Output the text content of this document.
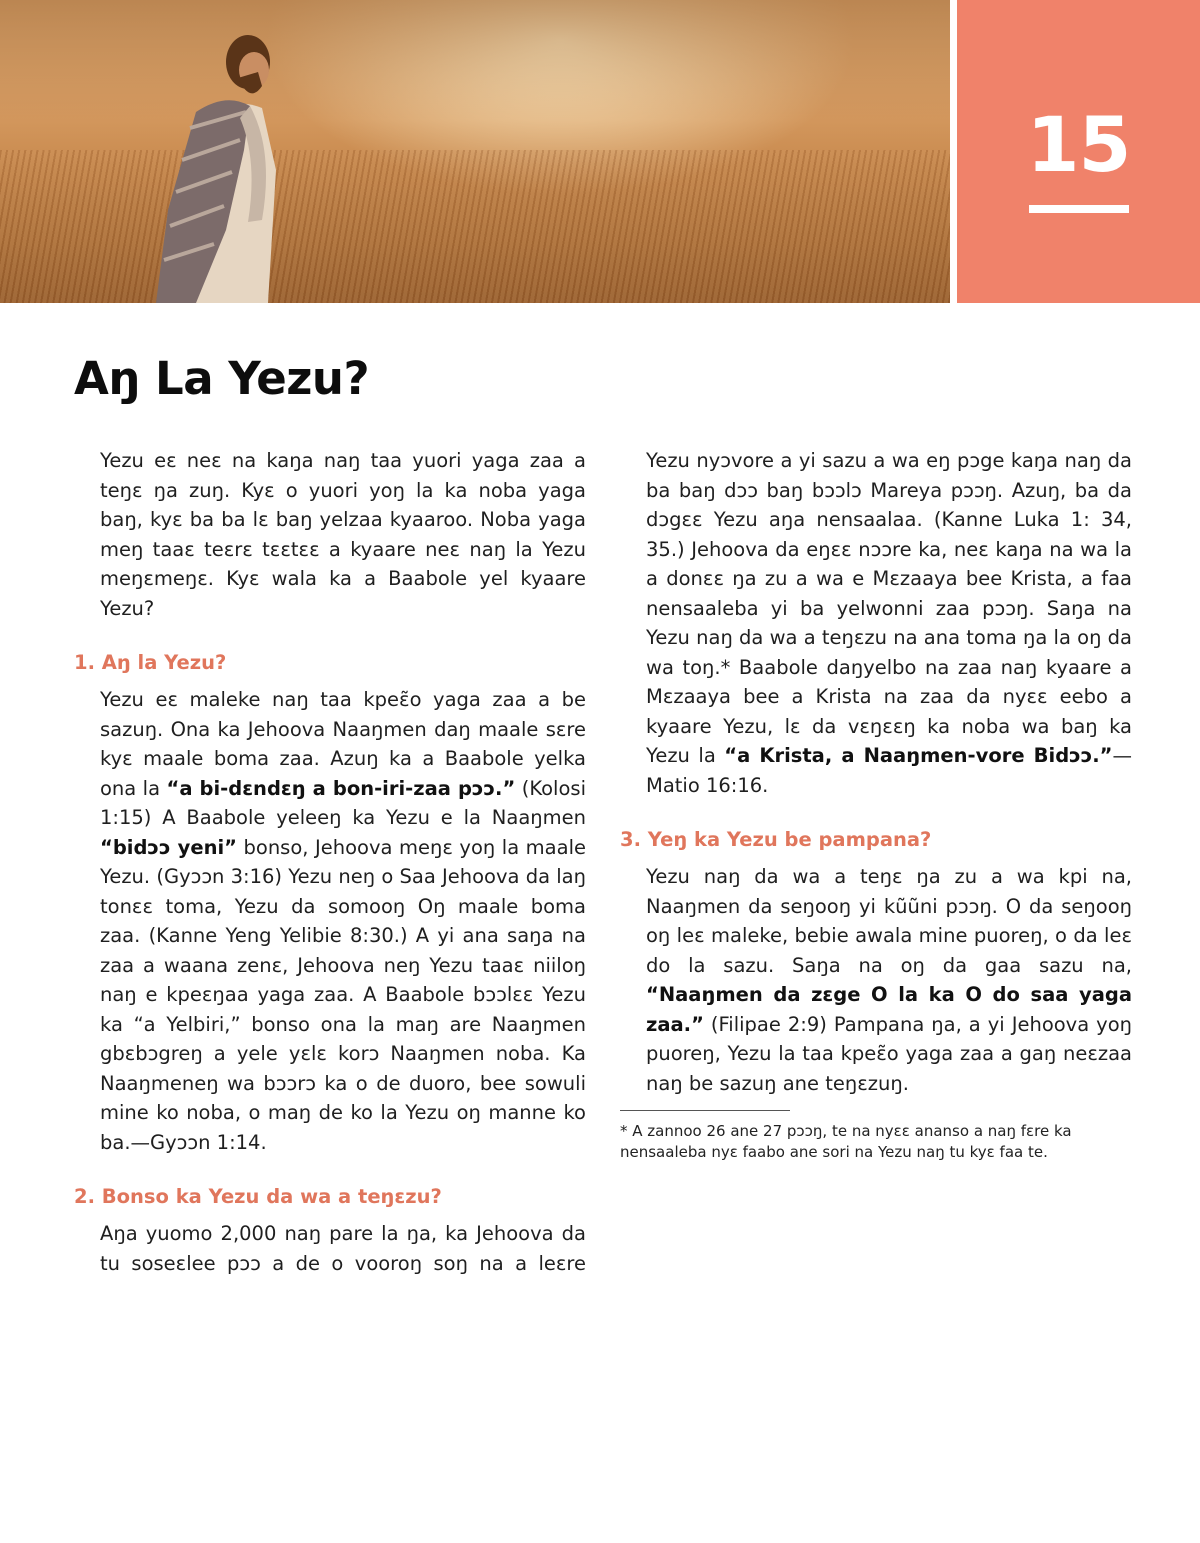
15
Aŋ La Yezu?

Yezu eɛ neɛ na kaŋa naŋ taa yuori yaga zaa a teŋɛ ŋa zuŋ. Kyɛ o yuori yoŋ la ka noba yaga baŋ, kyɛ ba ba lɛ baŋ yelzaa kyaaroo. Noba yaga meŋ taaɛ teɛrɛ tɛɛtɛɛ a kyaare neɛ naŋ la Yezu meŋɛmeŋɛ. Kyɛ wala ka a Baabole yel kyaare Yezu?

1. Aŋ la Yezu?

Yezu eɛ maleke naŋ taa kpeɛ̃o yaga zaa a be sazuŋ. Ona ka Jehoova Naaŋmen daŋ maale sɛre kyɛ maale boma zaa. Azuŋ ka a Baabole yelka ona la “a bi-dɛndɛŋ a bon-iri-zaa pɔɔ.” (Kolosi 1:15) A Baabole yeleeŋ ka Yezu e la Naaŋmen “bidɔɔ yeni” bonso, Jehoova meŋɛ yoŋ la maale Yezu. (Gyɔɔn 3:16) Yezu neŋ o Saa Jehoova da laŋ tonɛɛ toma, Yezu da somooŋ Oŋ maale boma zaa. (Kanne Yeng Yelibie 8:30.) A yi ana saŋa na zaa a waana zenɛ, Jehoova neŋ Yezu taaɛ niiloŋ naŋ e kpeɛŋaa yaga zaa. A Baabole bɔɔlɛɛ Yezu ka “a Yelbiri,” bonso ona la maŋ are Naaŋmen gbɛbɔgreŋ a yele yɛlɛ korɔ Naaŋmen noba. Ka Naaŋmeneŋ wa bɔɔrɔ ka o de duoro, bee sowuli mine ko noba, o maŋ de ko la Yezu oŋ manne ko ba.—Gyɔɔn 1:14.

2. Bonso ka Yezu da wa a teŋɛzu?

Aŋa yuomo 2,000 naŋ pare la ŋa, ka Jehoova da tu soseɛlee pɔɔ a de o vooroŋ soŋ na a leɛre

Yezu nyɔvore a yi sazu a wa eŋ pɔge kaŋa naŋ da ba baŋ dɔɔ baŋ bɔɔlɔ Mareya pɔɔŋ. Azuŋ, ba da dɔgɛɛ Yezu aŋa nensaalaa. (Kanne Luka 1: 34, 35.) Jehoova da eŋɛɛ nɔɔre ka, neɛ kaŋa na wa la a donɛɛ ŋa zu a wa e Mɛzaaya bee Krista, a faa nensaaleba yi ba yelwonni zaa pɔɔŋ. Saŋa na Yezu naŋ da wa a teŋɛzu na ana toma ŋa la oŋ da wa toŋ.* Baabole daŋyelbo na zaa naŋ kyaare a Mɛzaaya bee a Krista na zaa da nyɛɛ eebo a kyaare Yezu, lɛ da vɛŋɛɛŋ ka noba wa baŋ ka Yezu la “a Krista, a Naaŋmen-vore Bidɔɔ.”—Matio 16:16.

3. Yeŋ ka Yezu be pampana?

Yezu naŋ da wa a teŋɛ ŋa zu a wa kpi na, Naaŋmen da seŋooŋ yi kũũni pɔɔŋ. O da seŋooŋ oŋ leɛ maleke, bebie awala mine puoreŋ, o da leɛ do la sazu. Saŋa na oŋ da gaa sazu na, “Naaŋmen da zɛge O la ka O do saa yaga zaa.” (Filipae 2:9) Pampana ŋa, a yi Jehoova yoŋ puoreŋ, Yezu la taa kpeɛ̃o yaga zaa a gaŋ neɛzaa naŋ be sazuŋ ane teŋɛzuŋ.

* A zannoo 26 ane 27 pɔɔŋ, te na nyɛɛ ananso a naŋ fɛre ka nensaaleba nyɛ faabo ane sori na Yezu naŋ tu kyɛ faa te.
